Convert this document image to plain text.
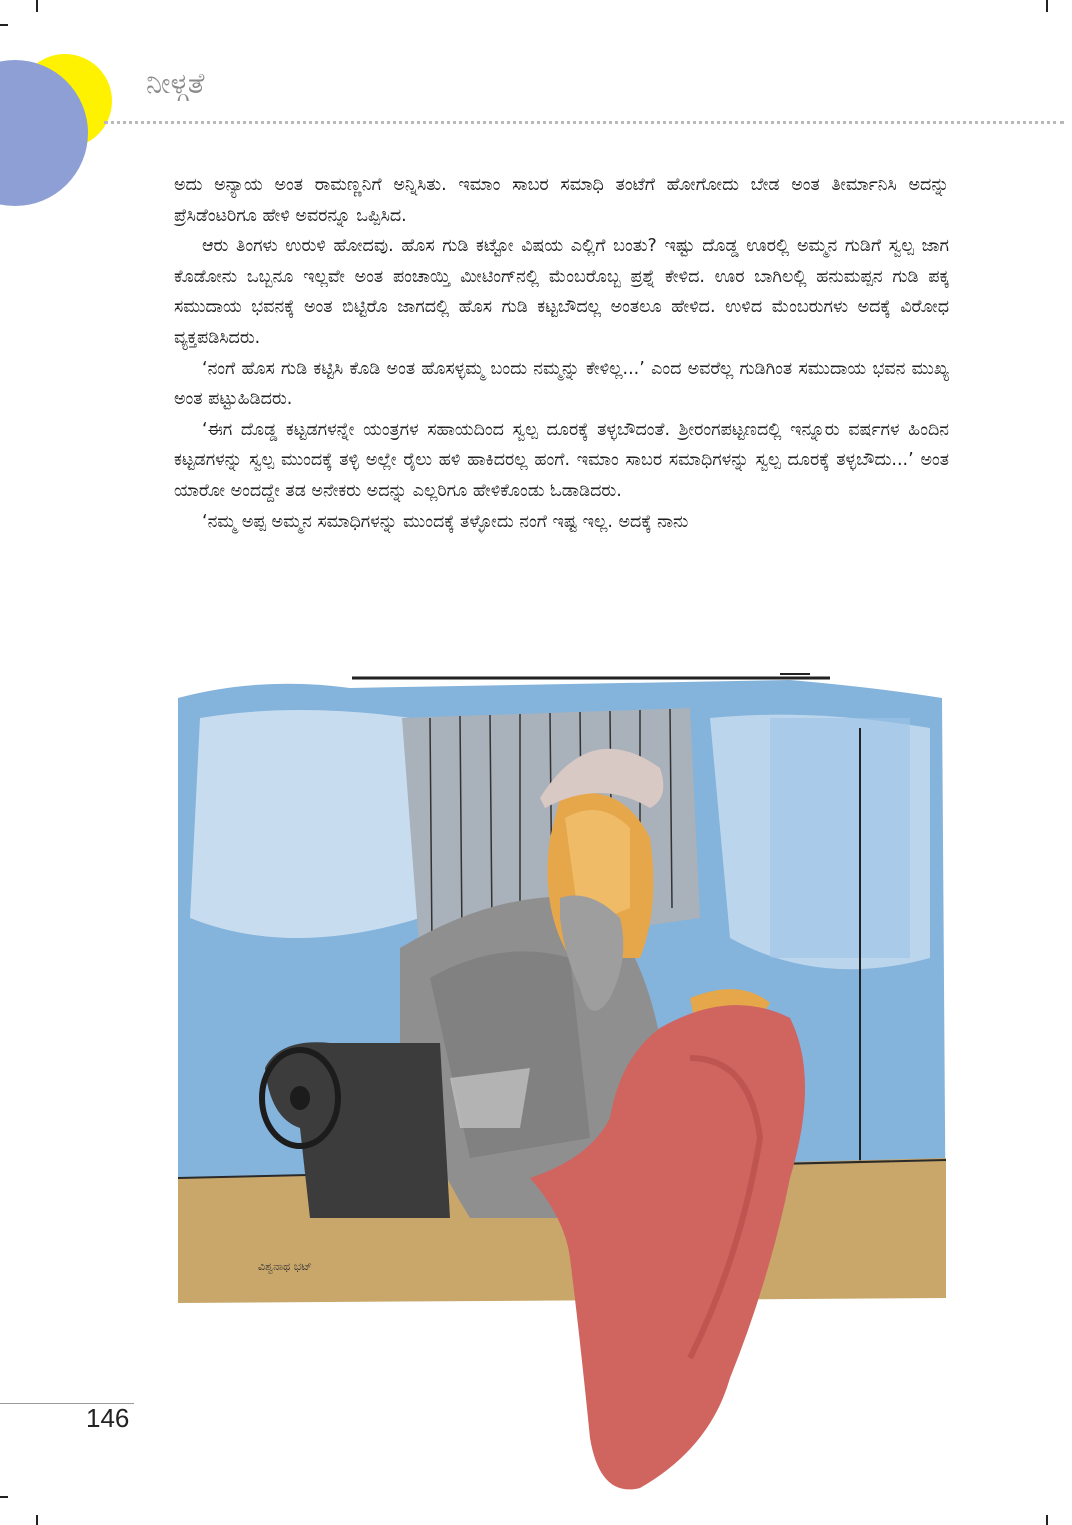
ನೀಳ್ಗತೆ

ಅದು ಅನ್ಯಾಯ ಅಂತ ರಾಮಣ್ಣನಿಗೆ ಅನ್ನಿಸಿತು. ಇಮಾಂ ಸಾಬರ ಸಮಾಧಿ ತಂಟೆಗೆ ಹೋಗೋದು ಬೇಡ ಅಂತ ತೀರ್ಮಾನಿಸಿ ಅದನ್ನು ಪ್ರೆಸಿಡೆಂಟರಿಗೂ ಹೇಳಿ ಅವರನ್ನೂ ಒಪ್ಪಿಸಿದ.

ಆರು ತಿಂಗಳು ಉರುಳಿ ಹೋದವು. ಹೊಸ ಗುಡಿ ಕಟ್ಟೋ ವಿಷಯ ಎಲ್ಲಿಗೆ ಬಂತು? ಇಷ್ಟು ದೊಡ್ಡ ಊರಲ್ಲಿ ಅಮ್ಮನ ಗುಡಿಗೆ ಸ್ವಲ್ಪ ಜಾಗ ಕೊಡೋನು ಒಬ್ಬನೂ ಇಲ್ಲವೇ ಅಂತ ಪಂಚಾಯ್ತಿ ಮೀಟಿಂಗ್‌ನಲ್ಲಿ ಮೆಂಬರೊಬ್ಬ ಪ್ರಶ್ನೆ ಕೇಳಿದ. ಊರ ಬಾಗಿಲಲ್ಲಿ ಹನುಮಪ್ಪನ ಗುಡಿ ಪಕ್ಕ ಸಮುದಾಯ ಭವನಕ್ಕೆ ಅಂತ ಬಿಟ್ಟಿರೊ ಜಾಗದಲ್ಲಿ ಹೊಸ ಗುಡಿ ಕಟ್ಟಬೌದಲ್ಲ ಅಂತಲೂ ಹೇಳಿದ. ಉಳಿದ ಮೆಂಬರುಗಳು ಅದಕ್ಕೆ ವಿರೋಧ ವ್ಯಕ್ತಪಡಿಸಿದರು.

‘ನಂಗೆ ಹೊಸ ಗುಡಿ ಕಟ್ಟಿಸಿ ಕೊಡಿ ಅಂತ ಹೊಸಳ್ಳಮ್ಮ ಬಂದು ನಮ್ಮನ್ನು ಕೇಳಿಲ್ಲ...’ ಎಂದ ಅವರೆಲ್ಲ ಗುಡಿಗಿಂತ ಸಮುದಾಯ ಭವನ ಮುಖ್ಯ ಅಂತ ಪಟ್ಟುಹಿಡಿದರು.

‘ಈಗ ದೊಡ್ಡ ಕಟ್ಟಡಗಳನ್ನೇ ಯಂತ್ರಗಳ ಸಹಾಯದಿಂದ ಸ್ವಲ್ಪ ದೂರಕ್ಕೆ ತಳ್ಳಬೌದಂತೆ. ಶ್ರೀರಂಗಪಟ್ಟಣದಲ್ಲಿ ಇನ್ನೂರು ವರ್ಷಗಳ ಹಿಂದಿನ ಕಟ್ಟಡಗಳನ್ನು ಸ್ವಲ್ಪ ಮುಂದಕ್ಕೆ ತಳ್ಳಿ ಅಲ್ಲೇ ರೈಲು ಹಳಿ ಹಾಕಿದರಲ್ಲ ಹಂಗೆ. ಇಮಾಂ ಸಾಬರ ಸಮಾಧಿಗಳನ್ನು ಸ್ವಲ್ಪ ದೂರಕ್ಕೆ ತಳ್ಳಬೌದು...’ ಅಂತ ಯಾರೋ ಅಂದದ್ದೇ ತಡ ಅನೇಕರು ಅದನ್ನು ಎಲ್ಲರಿಗೂ ಹೇಳಿಕೊಂಡು ಓಡಾಡಿದರು.

‘ನಮ್ಮ ಅಪ್ಪ ಅಮ್ಮನ ಸಮಾಧಿಗಳನ್ನು ಮುಂದಕ್ಕೆ ತಳ್ಳೋದು ನಂಗೆ ಇಷ್ಟ ಇಲ್ಲ. ಅದಕ್ಕೆ ನಾನು

ವಿಶ್ವನಾಥ ಭಟ್
146
